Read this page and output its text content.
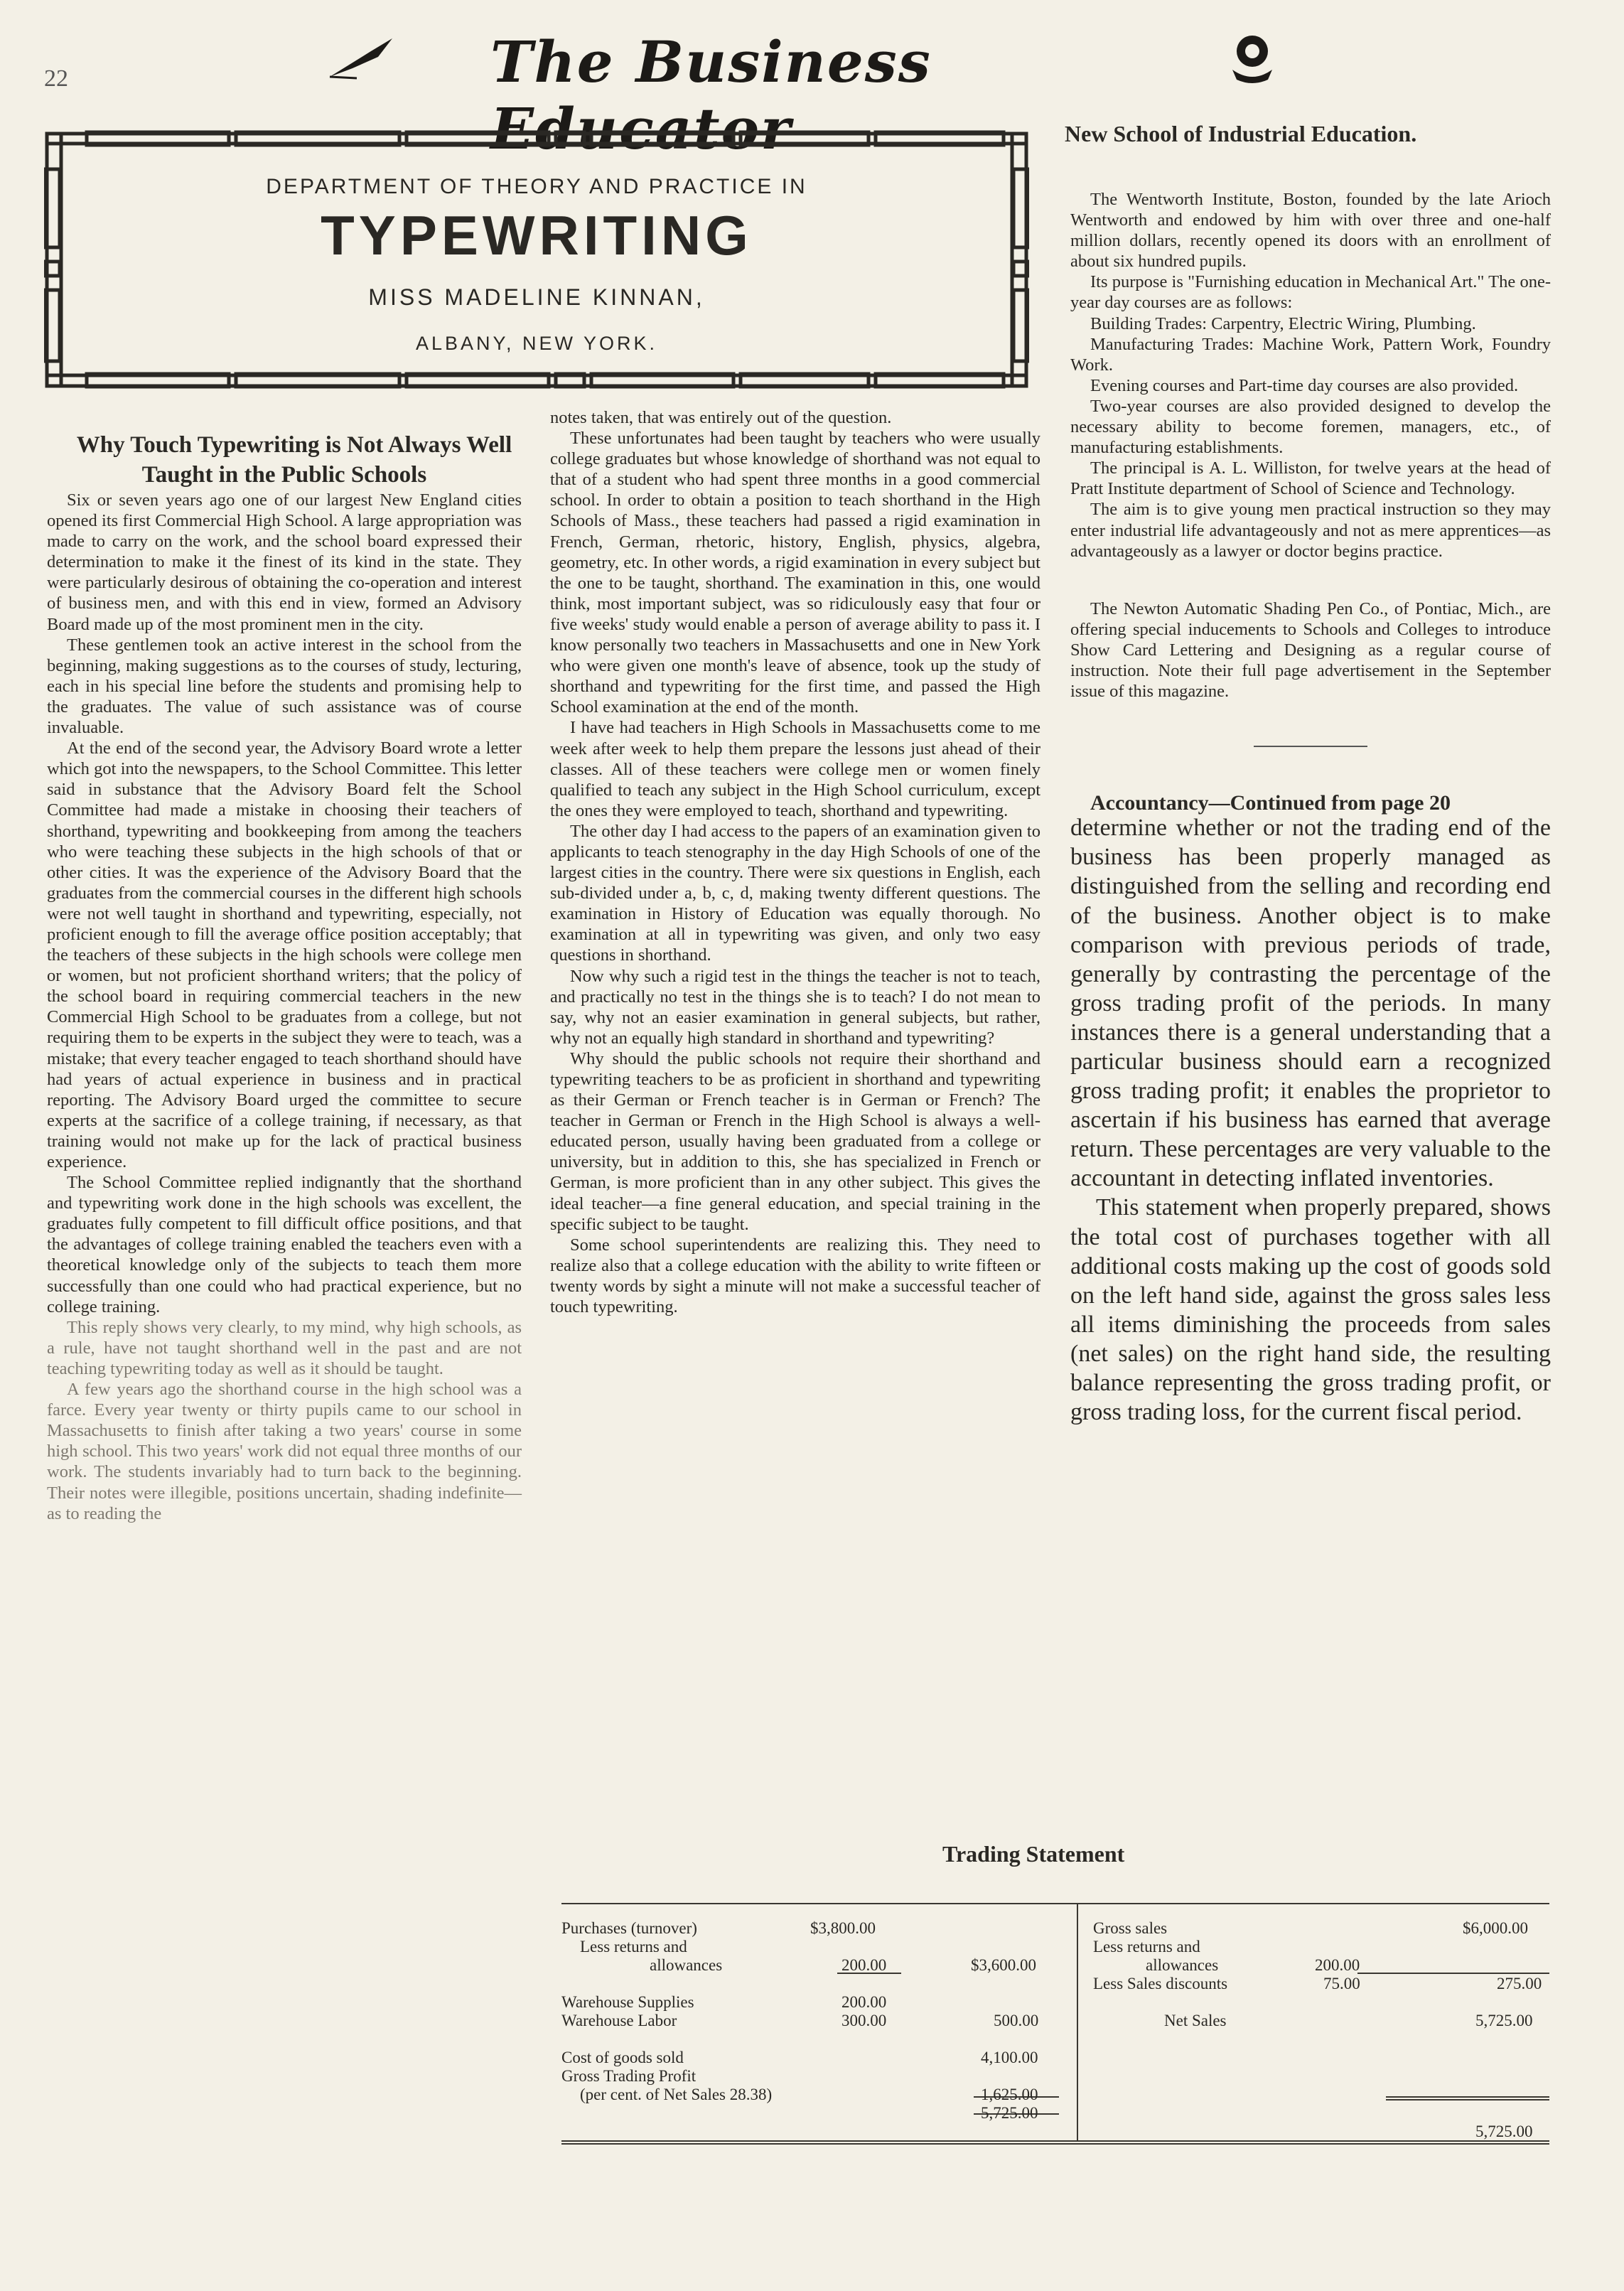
22	The Business Educator
DEPARTMENT OF THEORY AND PRACTICE IN
TYPEWRITING
MISS MADELINE KINNAN,
ALBANY, NEW YORK.

Why Touch Typewriting is Not Always Well Taught in the Public Schools

Six or seven years ago one of our largest New England cities opened its first Commercial High School. A large appropriation was made to carry on the work, and the school board expressed their determination to make it the finest of its kind in the state. They were particularly desirous of obtaining the co-operation and interest of business men, and with this end in view, formed an Advisory Board made up of the most prominent men in the city.

These gentlemen took an active interest in the school from the beginning, making suggestions as to the courses of study, lecturing, each in his special line before the students and promising help to the graduates. The value of such assistance was of course invaluable.

At the end of the second year, the Advisory Board wrote a letter which got into the newspapers, to the School Committee. This letter said in substance that the Advisory Board felt the School Committee had made a mistake in choosing their teachers of shorthand, typewriting and bookkeeping from among the teachers who were teaching these subjects in the high schools of that or other cities. It was the experience of the Advisory Board that the graduates from the commercial courses in the different high schools were not well taught in shorthand and typewriting, especially, not proficient enough to fill the average office position acceptably; that the teachers of these subjects in the high schools were college men or women, but not proficient shorthand writers; that the policy of the school board in requiring commercial teachers in the new Commercial High School to be graduates from a college, but not requiring them to be experts in the subject they were to teach, was a mistake; that every teacher engaged to teach shorthand should have had years of actual experience in business and in practical reporting. The Advisory Board urged the committee to secure experts at the sacrifice of a college training, if necessary, as that training would not make up for the lack of practical business experience.

The School Committee replied indignantly that the shorthand and typewriting work done in the high schools was excellent, the graduates fully competent to fill difficult office positions, and that the advantages of college training enabled the teachers even with a theoretical knowledge only of the subjects to teach them more successfully than one could who had practical experience, but no college training.

This reply shows very clearly, to my mind, why high schools, as a rule, have not taught shorthand well in the past and are not teaching typewriting today as well as it should be taught.

A few years ago the shorthand course in the high school was a farce. Every year twenty or thirty pupils came to our school in Massachusetts to finish after taking a two years' course in some high school. This two years' work did not equal three months of our work. The students invariably had to turn back to the beginning. Their notes were illegible, positions uncertain, shading indefinite—as to reading the

notes taken, that was entirely out of the question.

These unfortunates had been taught by teachers who were usually college graduates but whose knowledge of shorthand was not equal to that of a student who had spent three months in a good commercial school. In order to obtain a position to teach shorthand in the High Schools of Mass., these teachers had passed a rigid examination in French, German, rhetoric, history, English, physics, algebra, geometry, etc. In other words, a rigid examination in every subject but the one to be taught, shorthand. The examination in this, one would think, most important subject, was so ridiculously easy that four or five weeks' study would enable a person of average ability to pass it. I know personally two teachers in Massachusetts and one in New York who were given one month's leave of absence, took up the study of shorthand and typewriting for the first time, and passed the High School examination at the end of the month.

I have had teachers in High Schools in Massachusetts come to me week after week to help them prepare the lessons just ahead of their classes. All of these teachers were college men or women finely qualified to teach any subject in the High School curriculum, except the ones they were employed to teach, shorthand and typewriting.

The other day I had access to the papers of an examination given to applicants to teach stenography in the day High Schools of one of the largest cities in the country. There were six questions in English, each sub-divided under a, b, c, d, making twenty different questions. The examination in History of Education was equally thorough. No examination at all in typewriting was given, and only two easy questions in shorthand.

Now why such a rigid test in the things the teacher is not to teach, and practically no test in the things she is to teach? I do not mean to say, why not an easier examination in general subjects, but rather, why not an equally high standard in shorthand and typewriting?

Why should the public schools not require their shorthand and typewriting teachers to be as proficient in shorthand and typewriting as their German or French teacher is in German or French? The teacher in German or French in the High School is always a well-educated person, usually having been graduated from a college or university, but in addition to this, she has specialized in French or German, is more proficient than in any other subject. This gives the ideal teacher—a fine general education, and special training in the specific subject to be taught.

Some school superintendents are realizing this. They need to realize also that a college education with the ability to write fifteen or twenty words by sight a minute will not make a successful teacher of touch typewriting.

New School of Industrial Education.

The Wentworth Institute, Boston, founded by the late Arioch Wentworth and endowed by him with over three and one-half million dollars, recently opened its doors with an enrollment of about six hundred pupils.

Its purpose is "Furnishing education in Mechanical Art." The one-year day courses are as follows:

Building Trades: Carpentry, Electric Wiring, Plumbing.

Manufacturing Trades: Machine Work, Pattern Work, Foundry Work.

Evening courses and Part-time day courses are also provided.

Two-year courses are also provided designed to develop the necessary ability to become foremen, managers, etc., of manufacturing establishments.

The principal is A. L. Williston, for twelve years at the head of Pratt Institute department of School of Science and Technology.

The aim is to give young men practical instruction so they may enter industrial life advantageously and not as mere apprentices—as advantageously as a lawyer or doctor begins practice.

The Newton Automatic Shading Pen Co., of Pontiac, Mich., are offering special inducements to Schools and Colleges to introduce Show Card Lettering and Designing as a regular course of instruction. Note their full page advertisement in the September issue of this magazine.

Accountancy—Continued from page 20

determine whether or not the trading end of the business has been properly managed as distinguished from the selling and recording end of the business. Another object is to make comparison with previous periods of trade, generally by contrasting the percentage of the gross trading profit of the periods. In many instances there is a general understanding that a particular business should earn a recognized gross trading profit; it enables the proprietor to ascertain if his business has earned that average return. These percentages are very valuable to the accountant in detecting inflated inventories.

This statement when properly prepared, shows the total cost of purchases together with all additional costs making up the cost of goods sold on the left hand side, against the gross sales less all items diminishing the proceeds from sales (net sales) on the right hand side, the resulting balance representing the gross trading profit, or gross trading loss, for the current fiscal period.

Trading Statement
Purchases (turnover)	$3,800.00
Less returns and
allowances	200.00	$3,600.00
Warehouse Supplies	200.00
Warehouse Labor	300.00	500.00
Cost of goods sold	4,100.00
Gross Trading Profit
(per cent. of Net Sales 28.38)	1,625.00
5,725.00
Gross sales	$6,000.00
Less returns and
allowances	200.00
Less Sales discounts	75.00	275.00
Net Sales	5,725.00
5,725.00
